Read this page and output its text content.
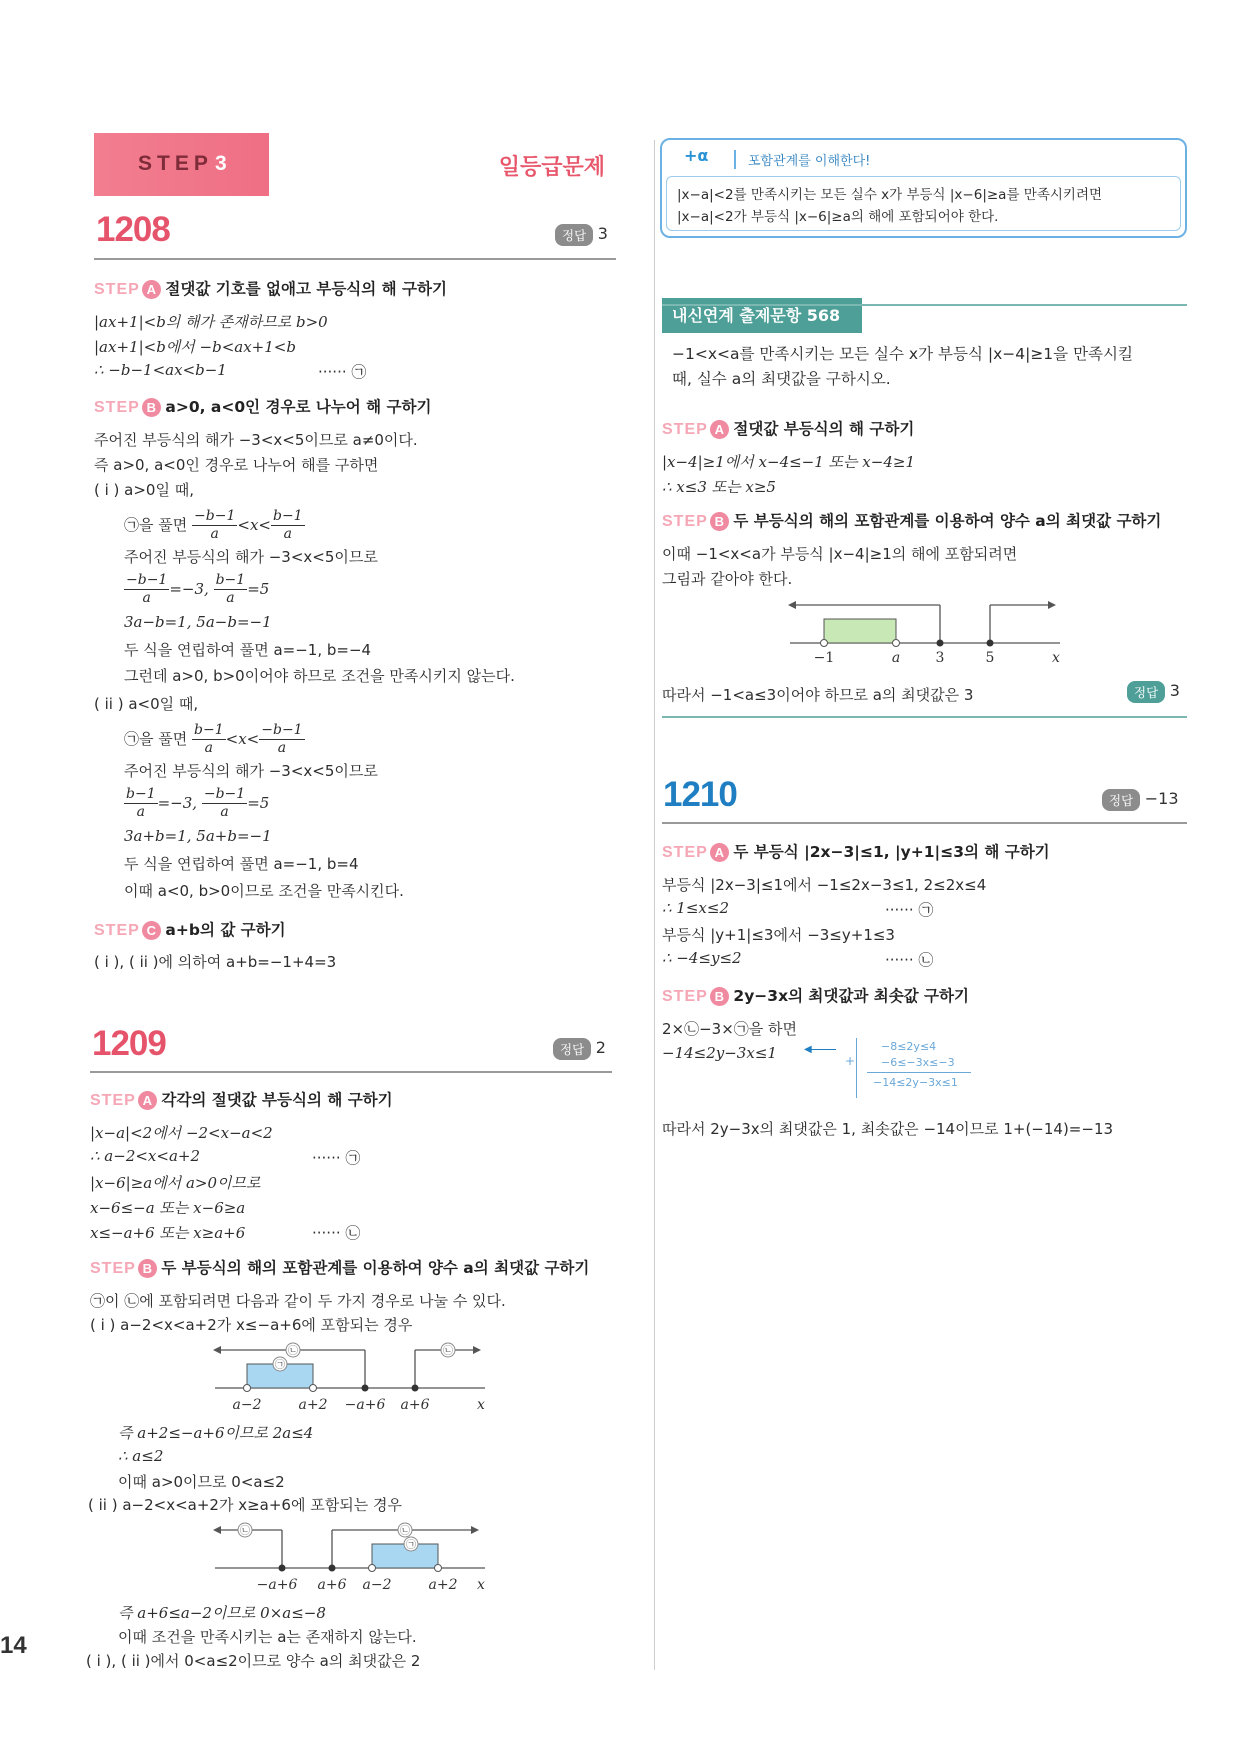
STEP 3	일등급문제
1208	정답 3
STEP A 절댓값 기호를 없애고 부등식의 해 구하기
|ax+1|<b의 해가 존재하므로 b>0
|ax+1|<b에서 −b<ax+1<b
∴ −b−1<ax<b−1	······ ㉠
STEP B a>0, a<0인 경우로 나누어 해 구하기
주어진 부등식의 해가 −3<x<5이므로 a≠0이다.
즉 a>0, a<0인 경우로 나누어 해를 구하면
( i ) a>0일 때,
㉠을 풀면 $\frac{-b-1}{a} <x< \frac{b-1}{a}$
주어진 부등식의 해가 −3<x<5이므로
$\frac{-b-1}{a} =-3$, $\frac{b-1}{a} =5$
3a−b=1, 5a−b=−1
두 식을 연립하여 풀면 a=−1, b=−4
그런데 a>0, b>0이어야 하므로 조건을 만족시키지 않는다.
( ii ) a<0일 때,
㉠을 풀면 $\frac{b-1}{a} <x< \frac{-b-1}{a}$
주어진 부등식의 해가 −3<x<5이므로
$\frac{b-1}{a} =-3$, $\frac{-b-1}{a} =5$
3a+b=1, 5a+b=−1
두 식을 연립하여 풀면 a=−1, b=4
이때 a<0, b>0이므로 조건을 만족시킨다.
STEP C a+b의 값 구하기
( i ), ( ii )에 의하여 a+b=−1+4=3
1209	정답 2
STEP A 각각의 절댓값 부등식의 해 구하기
|x−a|<2에서 −2<x−a<2
∴ a−2<x<a+2	······ ㉠
|x−6|≥a에서 a>0이므로
x−6≤−a 또는 x−6≥a
x≤−a+6 또는 x≥a+6	······ ㉡
STEP B 두 부등식의 해의 포함관계를 이용하여 양수 a의 최댓값 구하기
㉠이 ㉡에 포함되려면 다음과 같이 두 가지 경우로 나눌 수 있다.
( i ) a−2<x<a+2가 x≤−a+6에 포함되는 경우
㉡
㉠
㉡
a−2	a+2 −a+6 a+6	x
즉 a+2≤−a+6이므로 2a≤4
∴ a≤2
이때 a>0이므로 0<a≤2
( ii ) a−2<x<a+2가 x≥a+6에 포함되는 경우
㉡	㉡
㉠
−a+6 a+6 a−2	a+2 x
즉 a+6≤a−2이므로 0×a≤−8
이때 조건을 만족시키는 a는 존재하지 않는다.
( i ), ( ii )에서 0<a≤2이므로 양수 a의 최댓값은 2
+α	포함관계를 이해한다!
|x−a|<2를 만족시키는 모든 실수 x가 부등식 |x−6|≥a를 만족시키려면
|x−a|<2가 부등식 |x−6|≥a의 해에 포함되어야 한다.
내신연계 출제문항 568
−1<x<a를 만족시키는 모든 실수 x가 부등식 |x−4|≥1을 만족시킬
때, 실수 a의 최댓값을 구하시오.
STEP A 절댓값 부등식의 해 구하기
|x−4|≥1에서 x−4≤−1 또는 x−4≥1
∴ x≤3 또는 x≥5
STEP B 두 부등식의 해의 포함관계를 이용하여 양수 a의 최댓값 구하기
이때 −1<x<a가 부등식 |x−4|≥1의 해에 포함되려면
그림과 같아야 한다.
−1	a	3	5	x
따라서 −1<a≤3이어야 하므로 a의 최댓값은 3	정답 3
1210	정답 −13
STEP A 두 부등식 |2x−3|≤1, |y+1|≤3의 해 구하기
부등식 |2x−3|≤1에서 −1≤2x−3≤1, 2≤2x≤4
∴ 1≤x≤2	······ ㉠
부등식 |y+1|≤3에서 −3≤y+1≤3
∴ −4≤y≤2	······ ㉡
STEP B 2y−3x의 최댓값과 최솟값 구하기
2×㉡−3×㉠을 하면
−14≤2y−3x≤1	◀	−8≤2y≤4
+ −6≤−3x≤−3
−14≤2y−3x≤1
따라서 2y−3x의 최댓값은 1, 최솟값은 −14이므로 1+(−14)=−13
14
